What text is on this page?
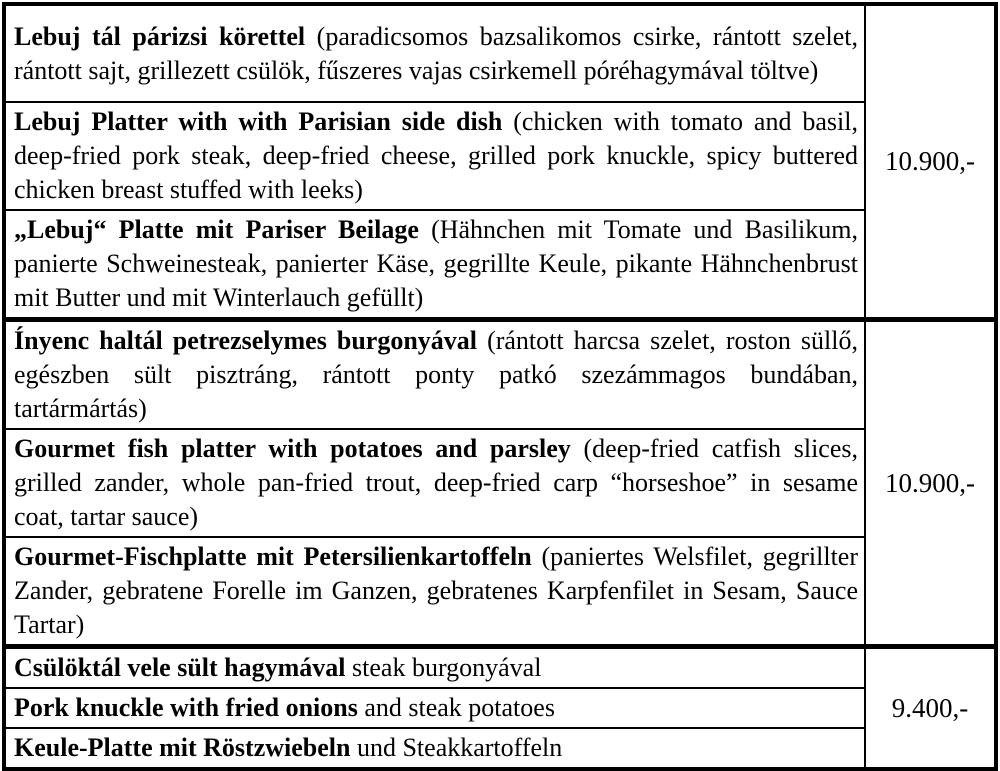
Lebuj tál párizsi körettel (paradicsomos bazsalikomos csirke, rántott szelet, rántott sajt, grillezett csülök, fűszeres vajas csirkemell póréhagymával töltve)	10.900,-
Lebuj Platter with with Parisian side dish (chicken with tomato and basil, deep-fried pork steak, deep-fried cheese, grilled pork knuckle, spicy buttered chicken breast stuffed with leeks)	
„Lebuj“ Platte mit Pariser Beilage (Hähnchen mit Tomate und Basilikum, panierte Schweinesteak, panierter Käse, gegrillte Keule, pikante Hähnchenbrust mit Butter und mit Winterlauch gefüllt)	
Ínyenc haltál petrezselymes burgonyával (rántott harcsa szelet, roston süllő, egészben sült pisztráng, rántott ponty patkó szezámmagos bundában, tartármártás)	10.900,-
Gourmet fish platter with potatoes and parsley (deep-fried catfish slices, grilled zander, whole pan-fried trout, deep-fried carp “horseshoe” in sesame coat, tartar sauce)	
Gourmet-Fischplatte mit Petersilienkartoffeln (paniertes Welsfilet, gegrillter Zander, gebratene Forelle im Ganzen, gebratenes Karpfenfilet in Sesam, Sauce Tartar)	
Csülöktál vele sült hagymával steak burgonyával	9.400,-
Pork knuckle with fried onions and steak potatoes	
Keule-Platte mit Röstzwiebeln und Steakkartoffeln	
